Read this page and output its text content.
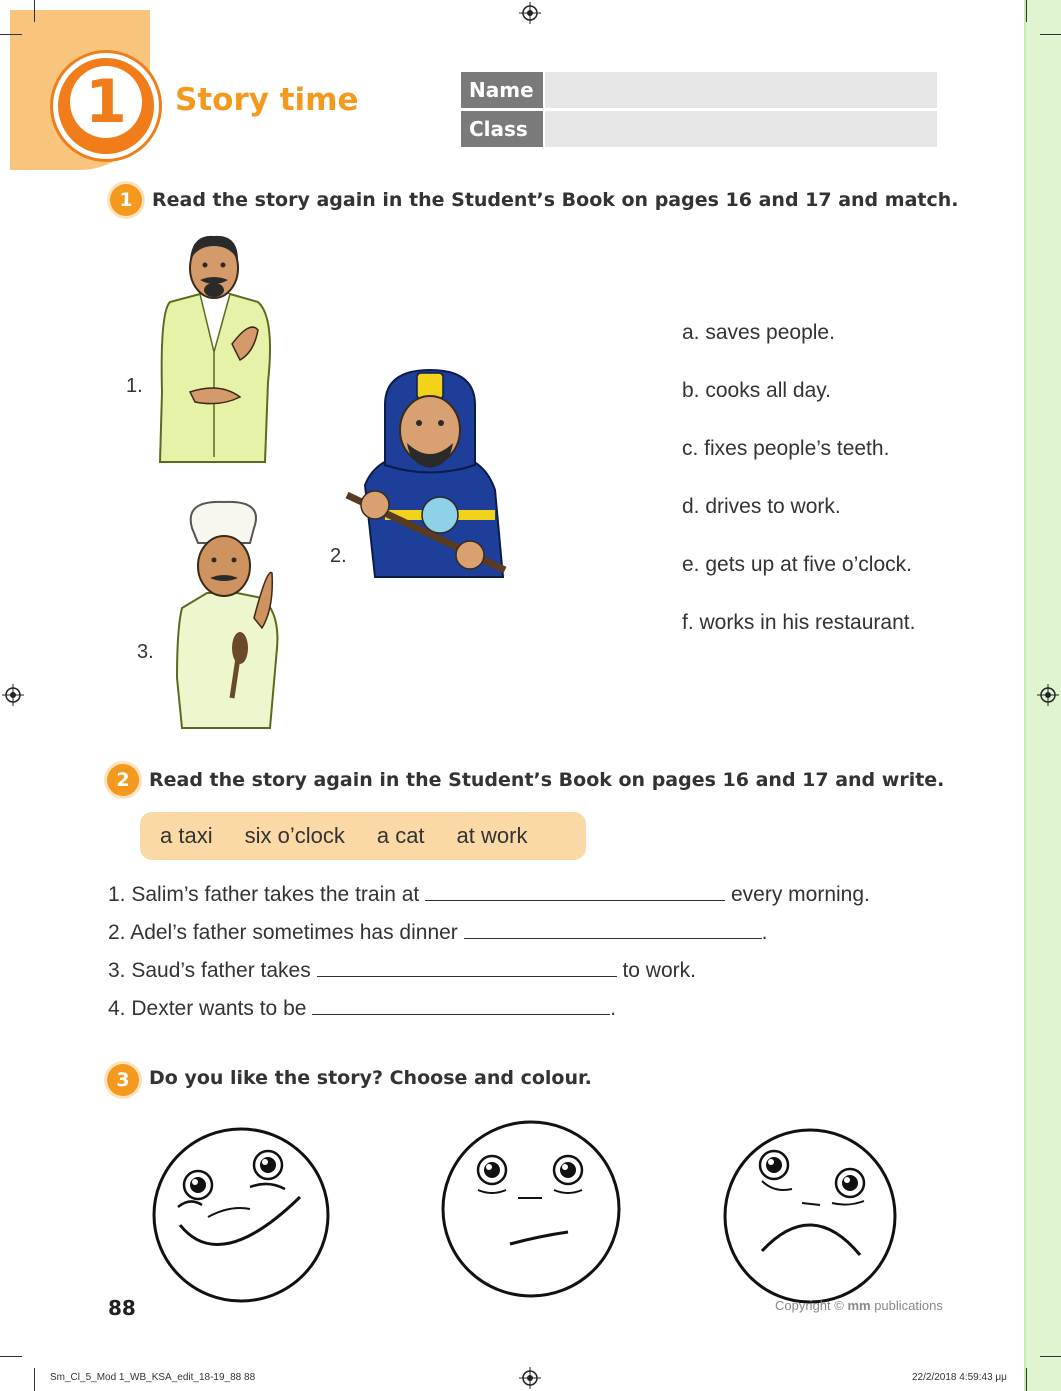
1	Story time	Name
Class
1	Read the story again in the Student’s Book on pages 16 and 17 and match.
1.
2.
3.
a. saves people.
b. cooks all day.
c. fixes people’s teeth.
d. drives to work.
e. gets up at five o’clock.
f. works in his restaurant.
2	Read the story again in the Student’s Book on pages 16 and 17 and write.
a taxi six o’clock a cat at work
1. Salim’s father takes the train at	every morning.
2. Adel’s father sometimes has dinner	.
3. Saud’s father takes	to work.
4. Dexter wants to be	.
3	Do you like the story? Choose and colour.
88	Copyright © mm publications
Sm_Cl_5_Mod 1_WB_KSA_edit_18-19_88 88	22/2/2018 4:59:43 μμ
